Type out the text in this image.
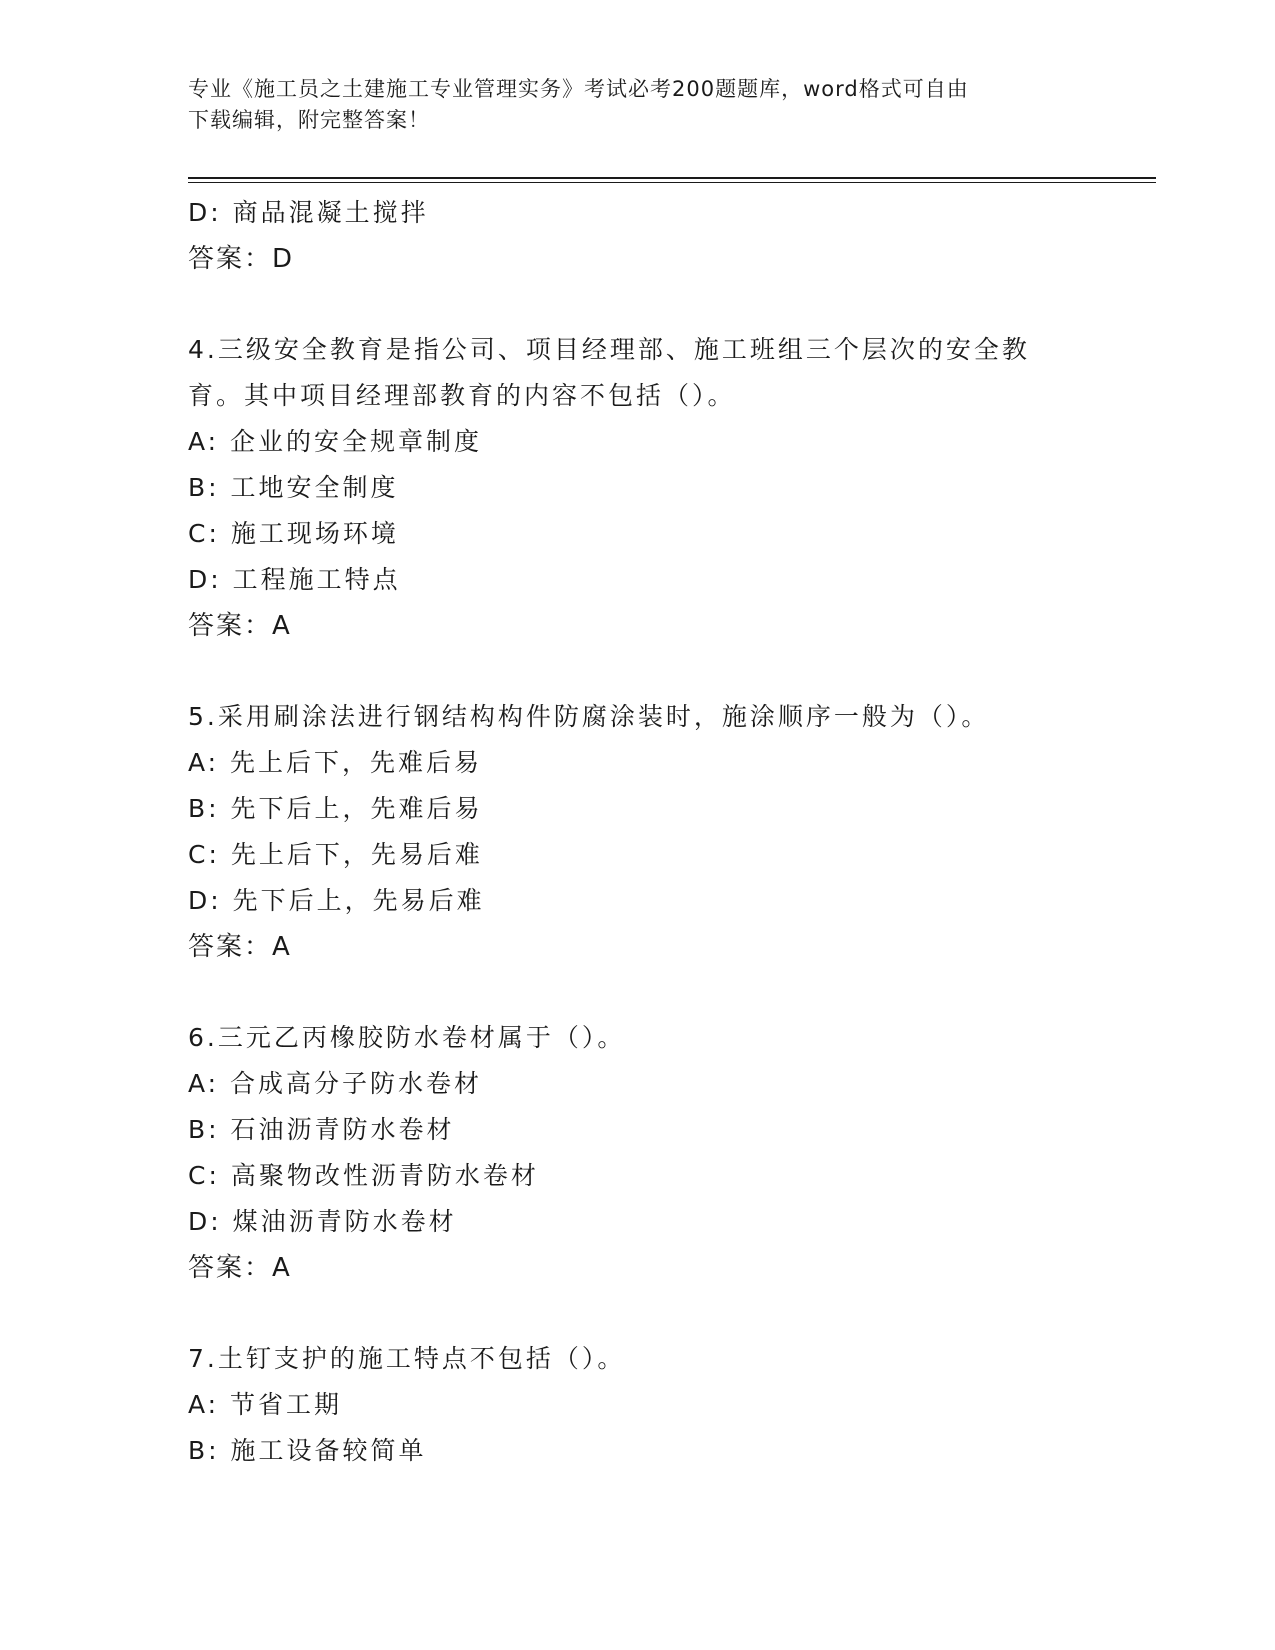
专业《施工员之土建施工专业管理实务》考试必考200题题库，word格式可自由
下载编辑，附完整答案！
D: 商品混凝土搅拌
答案：D
4.三级安全教育是指公司、项目经理部、施工班组三个层次的安全教
育。其中项目经理部教育的内容不包括（）。
A: 企业的安全规章制度
B: 工地安全制度
C: 施工现场环境
D: 工程施工特点
答案：A
5.采用刷涂法进行钢结构构件防腐涂装时，施涂顺序一般为（）。
A: 先上后下，先难后易
B: 先下后上，先难后易
C: 先上后下，先易后难
D: 先下后上，先易后难
答案：A
6.三元乙丙橡胶防水卷材属于（）。
A: 合成高分子防水卷材
B: 石油沥青防水卷材
C: 高聚物改性沥青防水卷材
D: 煤油沥青防水卷材
答案：A
7.土钉支护的施工特点不包括（）。
A: 节省工期
B: 施工设备较简单
